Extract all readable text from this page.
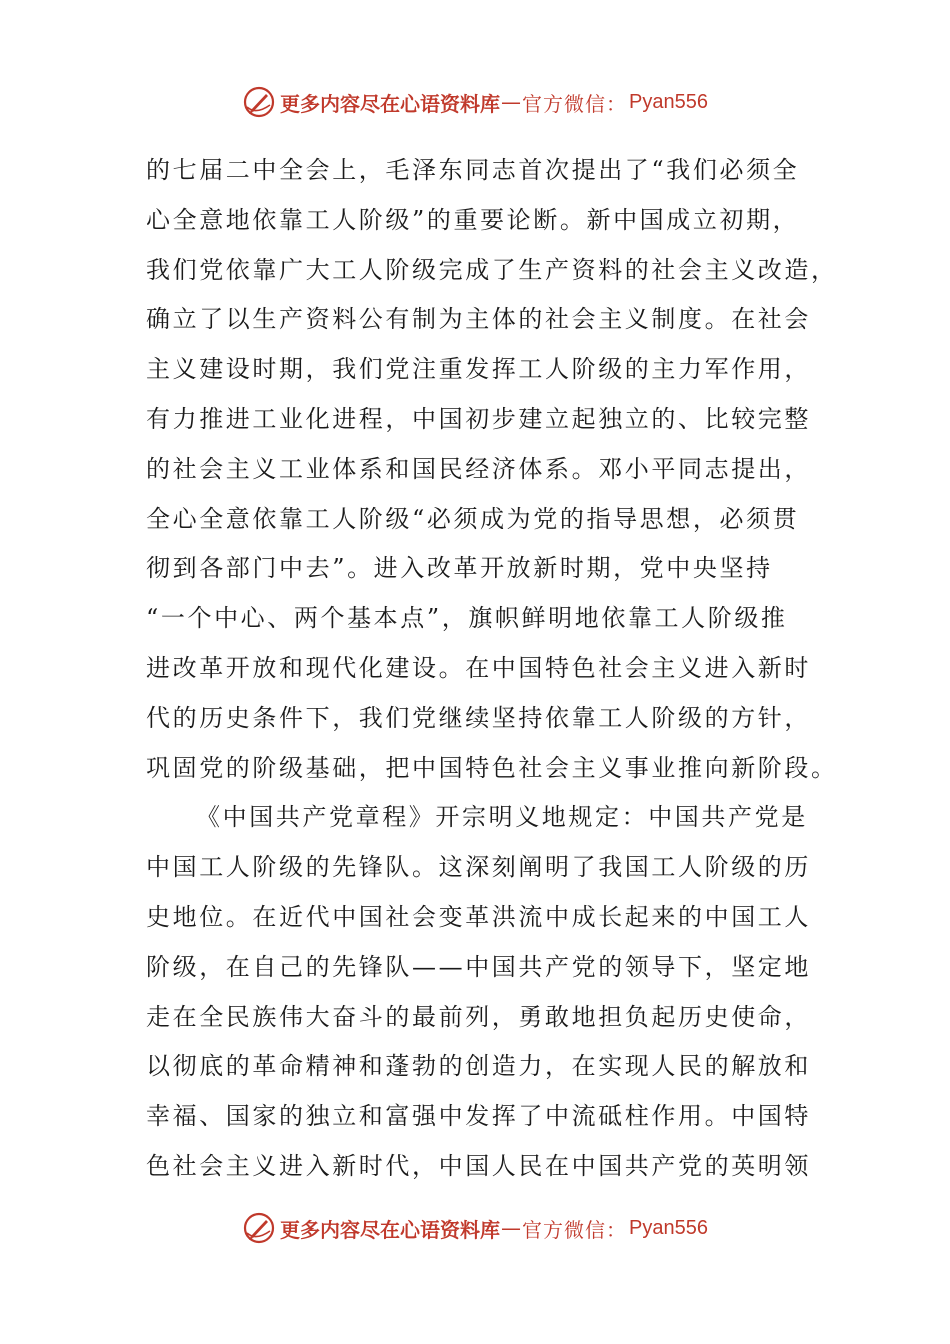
更多内容尽在心语资料库 — 官方微信： Pyan556
的七届二中全会上，毛泽东同志首次提出了“我们必须全
心全意地依靠工人阶级”的重要论断。新中国成立初期，
我们党依靠广大工人阶级完成了生产资料的社会主义改造，
确立了以生产资料公有制为主体的社会主义制度。在社会
主义建设时期，我们党注重发挥工人阶级的主力军作用，
有力推进工业化进程，中国初步建立起独立的、比较完整
的社会主义工业体系和国民经济体系。邓小平同志提出，
全心全意依靠工人阶级“必须成为党的指导思想，必须贯
彻到各部门中去”。进入改革开放新时期，党中央坚持
“一个中心、两个基本点”，旗帜鲜明地依靠工人阶级推
进改革开放和现代化建设。在中国特色社会主义进入新时
代的历史条件下，我们党继续坚持依靠工人阶级的方针，
巩固党的阶级基础，把中国特色社会主义事业推向新阶段。
《中国共产党章程》开宗明义地规定：中国共产党是
中国工人阶级的先锋队。这深刻阐明了我国工人阶级的历
史地位。在近代中国社会变革洪流中成长起来的中国工人
阶级，在自己的先锋队——中国共产党的领导下，坚定地
走在全民族伟大奋斗的最前列，勇敢地担负起历史使命，
以彻底的革命精神和蓬勃的创造力，在实现人民的解放和
幸福、国家的独立和富强中发挥了中流砥柱作用。中国特
色社会主义进入新时代，中国人民在中国共产党的英明领
更多内容尽在心语资料库 — 官方微信： Pyan556
